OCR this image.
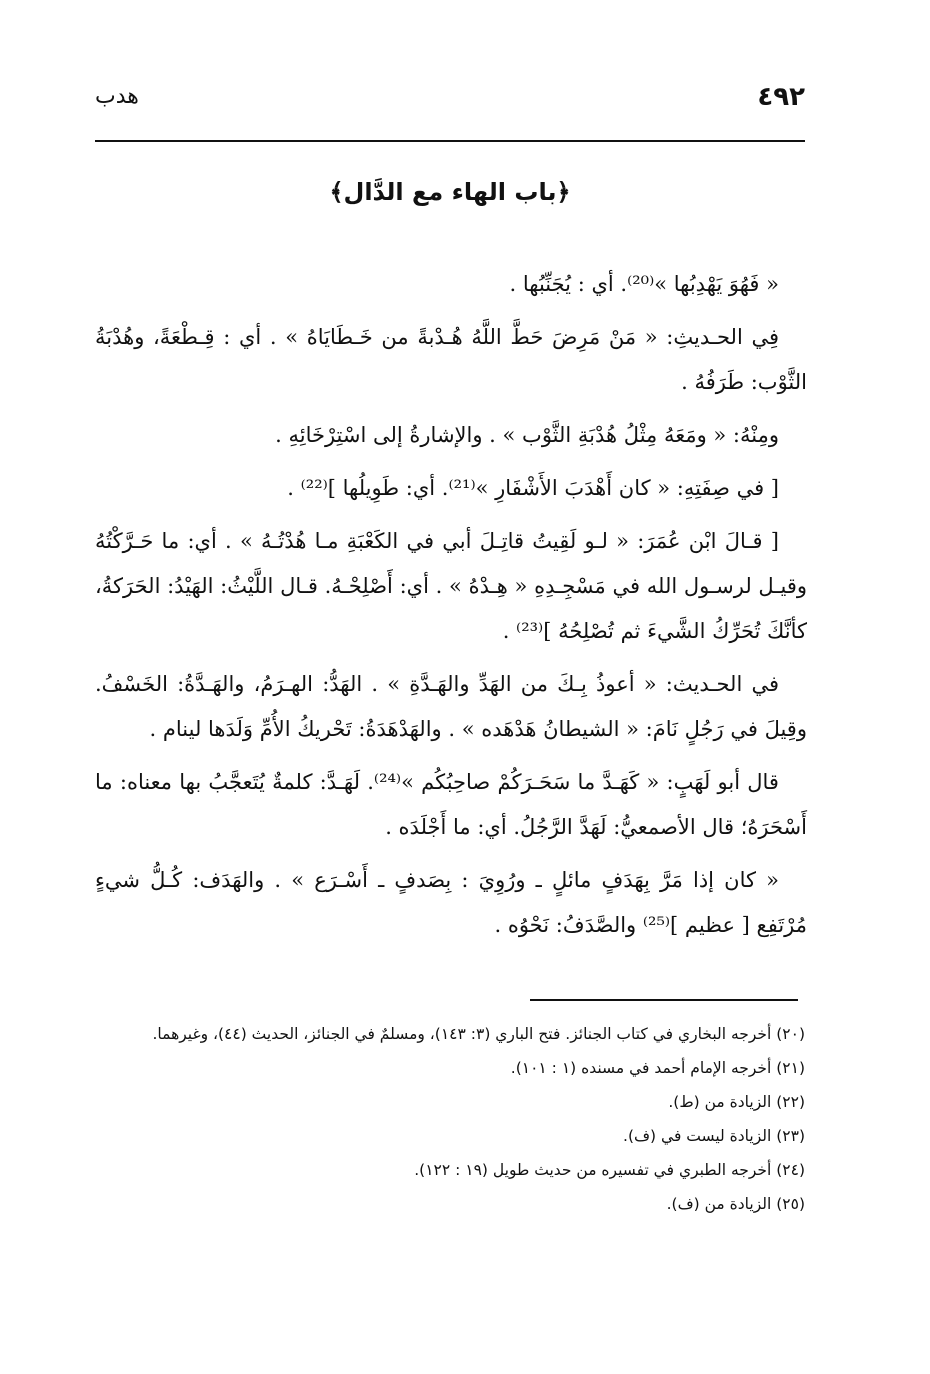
٤٩٢
هدب
﴿باب الهاء مع الدَّال﴾

« فَهُوَ يَهْدِبُها »⁽²⁰⁾. أي : يُجَنِّبُها .

فِي الحـديثِ: « مَنْ مَرِضَ حَطَّ اللَّهُ هُـدْبةً من خَـطَايَاهُ » . أي : قِـطْعَةً، وهُدْبَةُ الثَّوْب: طَرَفُهُ .

ومِنْهُ: « ومَعَهُ مِثْلُ هُدْبَةِ الثَّوْب » . والإشارةُ إلى اسْتِرْخَائِهِ .

[ في صِفَتِهِ: « كان أَهْدَبَ الأَشْفَارِ »⁽²¹⁾. أي: طَوِيلُها ]⁽²²⁾ .

[ قـالَ ابْن عُمَرَ: « لـو لَقِيتُ قاتِـلَ أبي في الكَعْبَةِ مـا هُدْتُـهُ » . أي: ما حَـرَّكْتُهُ وقيـل لرسـول الله في مَسْجِـدِهِ « هِـدْهُ » . أي: أَصْلِحْـهُ. قـال اللَّيْثُ: الهَيْدُ: الحَرَكةُ، كأنَّكَ تُحَرِّكُ الشَّيءَ ثم تُصْلِحُهُ ]⁽²³⁾ .

في الحـديث: « أعوذُ بِـكَ من الهَدِّ والهَـدَّةِ » . الهَدُّ: الهـرَمُ، والهَـدَّةُ: الخَسْفُ. وقِيلَ في رَجُلٍ نَامَ: « الشيطانُ هَدْهَده » . والهَدْهَدَةُ: تَحْريكُ الأُمِّ وَلَدَها لينام .

قال أبو لَهَبٍ: « كَهَـدَّ ما سَحَـرَكُمْ صاحِبُكُم »⁽²⁴⁾. لَهَـدَّ: كلمةٌ يُتَعجَّبُ بها معناه: ما أَسْحَرَهُ؛ قال الأصمعيُّ: لَهَدَّ الرَّجُلُ. أي: ما أَجْلَدَه .

« كان إذا مَرَّ بِهَدَفٍ مائلٍ ـ ورُوِيَ : بِصَدفٍ ـ أَسْـرَع » . والهَدَف: كُـلُّ شيءٍ مُرْتَفِع [ عظيم ]⁽²⁵⁾ والصَّدَفُ: نَحْوُه .

(٢٠) أخرجه البخاري في كتاب الجنائز. فتح الباري (٣: ١٤٣)، ومسلمٌ في الجنائز، الحديث (٤٤)، وغيرهما.

(٢١) أخرجه الإمام أحمد في مسنده (١ : ١٠١).

(٢٢) الزيادة من (ط).

(٢٣) الزيادة ليست في (ف).

(٢٤) أخرجه الطبري في تفسيره من حديث طويل (١٩ : ١٢٢).

(٢٥) الزيادة من (ف).
